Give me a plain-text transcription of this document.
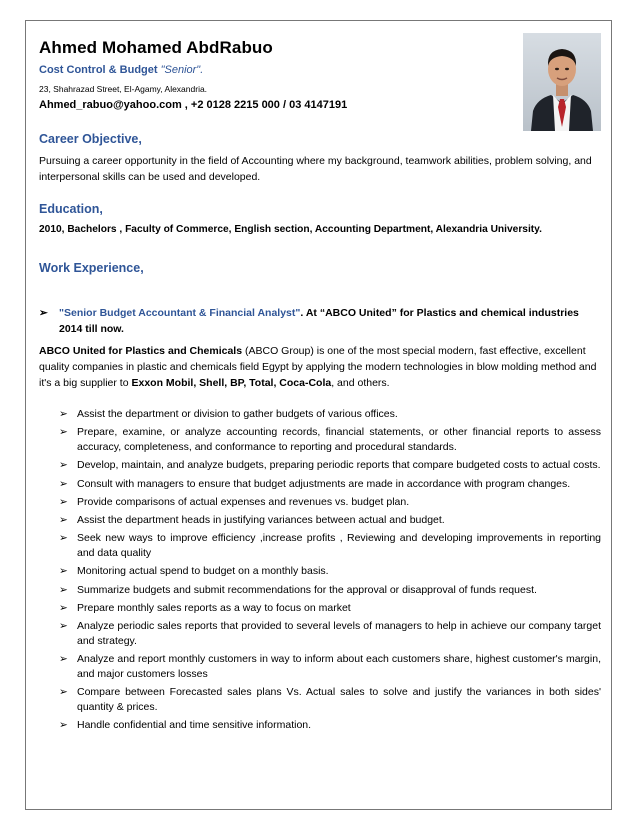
Ahmed Mohamed AbdRabuo
Cost Control & Budget "Senior".
23, Shahrazad Street, El-Agamy, Alexandria.
Ahmed_rabuo@yahoo.com , +2 0128 2215 000 / 03 4147191
Career Objective,
Pursuing a career opportunity in the field of Accounting where my background, teamwork abilities, problem solving, and interpersonal skills can be used and developed.
Education,
2010, Bachelors , Faculty of Commerce, English section, Accounting Department, Alexandria University.
Work Experience,
➢ "Senior Budget Accountant & Financial Analyst". At “ABCO United” for Plastics and chemical industries 2014 till now.
ABCO United for Plastics and Chemicals (ABCO Group) is one of the most special modern, fast effective, excellent quality companies in plastic and chemicals field Egypt by applying the modern technologies in blow molding method and it's a big supplier to Exxon Mobil, Shell, BP, Total, Coca-Cola, and others.
➢ Assist the department or division to gather budgets of various offices.
➢ Prepare, examine, or analyze accounting records, financial statements, or other financial reports to assess accuracy, completeness, and conformance to reporting and procedural standards.
➢ Develop, maintain, and analyze budgets, preparing periodic reports that compare budgeted costs to actual costs.
➢ Consult with managers to ensure that budget adjustments are made in accordance with program changes.
➢ Provide comparisons of actual expenses and revenues vs. budget plan.
➢ Assist the department heads in justifying variances between actual and budget.
➢ Seek new ways to improve efficiency ,increase profits , Reviewing and developing improvements in reporting and data quality
➢ Monitoring actual spend to budget on a monthly basis.
➢ Summarize budgets and submit recommendations for the approval or disapproval of funds request.
➢ Prepare monthly sales reports as a way to focus on market
➢ Analyze periodic sales reports that provided to several levels of managers to help in achieve our company target and strategy.
➢ Analyze and report monthly customers in way to inform about each customers share, highest customer's margin, and major customers losses
➢ Compare between Forecasted sales plans Vs. Actual sales to solve and justify the variances in both sides' quantity & prices.
➢ Handle confidential and time sensitive information.
